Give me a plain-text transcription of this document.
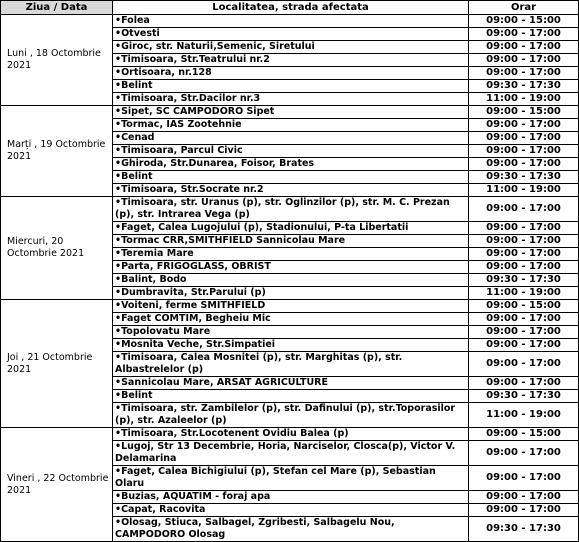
Ziua / Data	Localitatea, strada afectata	Orar
Luni , 18 Octombrie 2021	•Folea	09:00 - 15:00
	•Otvesti	09:00 - 17:00
	•Giroc, str. Naturii,Semenic, Siretului	09:00 - 17:00
	•Timisoara, Str.Teatrului nr.2	09:00 - 17:00
	•Ortisoara, nr.128	09:00 - 17:00
	•Belint	09:30 - 17:30
	•Timisoara, Str.Dacilor nr.3	11:00 - 19:00
Marți , 19 Octombrie 2021	•Sipet, SC CAMPODORO Sipet	09:00 - 15:00
	•Tormac, IAS Zootehnie	09:00 - 17:00
	•Cenad	09:00 - 17:00
	•Timisoara, Parcul Civic	09:00 - 17:00
	•Ghiroda, Str.Dunarea, Foisor, Brates	09:00 - 17:00
	•Belint	09:30 - 17:30
	•Timisoara, Str.Socrate nr.2	11:00 - 19:00
Miercuri, 20 Octombrie 2021	•Timisoara, str. Uranus (p), str. Oglinzilor (p), str. M. C. Prezan (p), str. Intrarea Vega (p)	09:00 - 17:00
	•Faget, Calea Lugojului (p), Stadionului, P-ta Libertatii	09:00 - 17:00
	•Tormac CRR,SMITHFIELD Sannicolau Mare	09:00 - 17:00
	•Teremia Mare	09:00 - 17:00
	•Parta, FRIGOGLASS, OBRIST	09:00 - 17:00
	•Balint, Bodo	09:30 - 17:30
	•Dumbravita, Str.Parului (p)	11:00 - 19:00
Joi , 21 Octombrie 2021	•Voiteni, ferme SMITHFIELD	09:00 - 15:00
	•Faget COMTIM, Begheiu Mic	09:00 - 17:00
	•Topolovatu Mare	09:00 - 17:00
	•Mosnita Veche, Str.Simpatiei	09:00 - 17:00
	•Timisoara, Calea Mosnitei (p), str. Marghitas (p), str. Albastrelelor (p)	09:00 - 17:00
	•Sannicolau Mare, ARSAT AGRICULTURE	09:00 - 17:00
	•Belint	09:30 - 17:30
	•Timisoara, str. Zambilelor (p), str. Dafinului (p), str.Toporasilor (p), str. Azaleelor (p)	11:00 - 19:00
Vineri , 22 Octombrie 2021	•Timisoara, Str.Locotenent Ovidiu Balea (p)	09:00 - 15:00
	•Lugoj, Str 13 Decembrie, Horia, Narciselor, Closca(p), Victor V. Delamarina	09:00 - 17:00
	•Faget, Calea Bichigiului (p), Stefan cel Mare (p), Sebastian Olaru	09:00 - 17:00
	•Buzias, AQUATIM - foraj apa	09:00 - 17:00
	•Capat, Racovita	09:00 - 17:00
	•Olosag, Stiuca, Salbagel, Zgribesti, Salbagelu Nou, CAMPODORO Olosag	09:30 - 17:30
